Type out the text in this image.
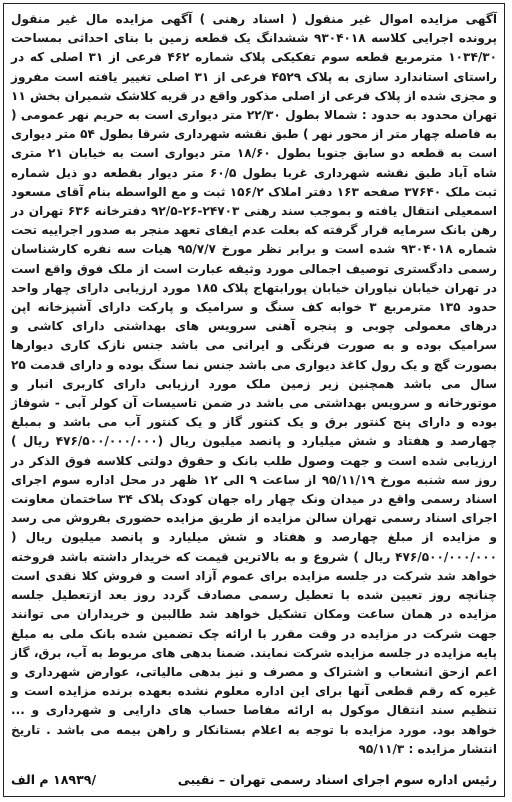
آگهی مزایده اموال غیر منقول ( اسناد رهنی ) آگهی مزایده مال غیر منقول پرونده اجرایی کلاسه ۹۳۰۴۰۱۸ ششدانگ یک قطعه زمین با بنای احداثی بمساحت ۱۰۳۴/۳۰ مترمربع قطعه سوم تفکیکی پلاک شماره ۴۶۲ فرعی از ۳۱ اصلی که در راستای استاندارد سازی به پلاک ۴۵۲۹ فرعی از ۳۱ اصلی تغییر یافته است مفروز و مجزی شده از پلاک فرعی از اصلی مذکور واقع در قریه کلاشک شمیران بخش ۱۱ تهران محدود به حدود : شمالا بطول ۲۲/۳۰ متر دیواری است به حریم نهر عمومی ( به فاصله چهار متر از محور نهر ) طبق نقشه شهرداری شرقا بطول ۵۴ متر دیواری است به قطعه دو سابق جنوبا بطول ۱۸/۶۰ متر دیواری است به خیابان ۲۱ متری شاه آباد طبق نقشه شهرداری غربا بطول ۶۰/۵ متر دیوار بقطعه دو ذیل شماره ثبت ملک ۳۷۶۴۰ صفحه ۱۶۳ دفتر املاک ۱۵۶/۲ ثبت و مع الواسطه بنام آقای مسعود اسمعیلی انتقال یافته و بموجب سند رهنی ۲۴۷۰۳-۲۶-۹۲/۵ دفترخانه ۶۳۶ تهران در رهن بانک سرمایه قرار گرفته که بعلت عدم ایفای تعهد منجر به صدور اجراییه تحت شماره ۹۳۰۴۰۱۸ شده است و برابر نظر مورخ ۹۵/۷/۷ هیات سه نفره کارشناسان رسمی دادگستری توصیف اجمالی مورد وثیقه عبارت است از ملک فوق واقع است در تهران خیابان نیاوران خیابان پورابتهاج پلاک ۱۸۵ مورد ارزیابی دارای چهار واحد حدود ۱۳۵ مترمربع ۳ خوابه کف سنگ و سرامیک و پارکت دارای آشپزخانه اپن درهای معمولی چوبی و پنجره آهنی سرویس های بهداشتی دارای کاشی و سرامیک بوده و به صورت فرنگی و ایرانی می باشد جنس نازک کاری دیوارها بصورت گچ و یک رول کاغذ دیواری می باشد جنس نما سنگ بوده و دارای قدمت ۲۵ سال می باشد همچنین زیر زمین ملک مورد ارزیابی دارای کاربری انبار و موتورخانه و سرویس بهداشتی می باشد در ضمن تاسیسات آن کولر آبی - شوفاژ بوده و دارای پنج کنتور برق و یک کنتور گاز و یک کنتور آب می باشد و بمبلغ چهارصد و هفتاد و شش میلیارد و پانصد میلیون ریال (۴۷۶/۵۰۰/۰۰۰/۰۰۰ ریال ) ارزیابی شده است و جهت وصول طلب بانک و حقوق دولتی کلاسه فوق الذکر در روز سه شنبه مورخ ۹۵/۱۱/۱۹ از ساعت ۹ الی ۱۲ ظهر در محل اداره سوم اجرای اسناد رسمی واقع در میدان ونک چهار راه جهان کودک پلاک ۳۴ ساختمان معاونت اجرای اسناد رسمی تهران سالن مزایده از طریق مزایده حضوری بفروش می رسد و مزایده از مبلغ چهارصد و هفتاد و شش میلیارد و پانصد میلیون ریال ( ۴۷۶/۵۰۰/۰۰۰/۰۰۰ ریال ) شروع و به بالاترین قیمت که خریدار داشته باشد فروخته خواهد شد شرکت در جلسه مزایده برای عموم آزاد است و فروش کلا نقدی است چنانچه روز تعیین شده با تعطیل رسمی مصادف گردد روز بعد ازتعطیل جلسه مزایده در همان ساعت ومکان تشکیل خواهد شد طالبین و خریداران می توانند جهت شرکت در مزایده در وقت مقرر با ارائه چک تضمین شده بانک ملی به مبلغ پایه مزایده در جلسه مزایده شرکت نمایند. ضمنا بدهی های مربوط به آب، برق، گاز اعم ازحق انشعاب و اشتراک و مصرف و نیز بدهی مالیاتی، عوارض شهرداری و غیره که رقم قطعی آنها برای این اداره معلوم نشده بعهده برنده مزایده است و تنظیم سند انتقال موکول به ارائه مفاصا حساب های دارایی و شهرداری و ... خواهد بود. مورد مزایده با توجه به اعلام بستانکار و راهن بیمه می باشد . تاریخ انتشار مزایده : ۹۵/۱۱/۳

رئیس اداره سوم اجرای اسناد رسمی تهران – نقیبی
/۱۸۹۳۹ م الف
